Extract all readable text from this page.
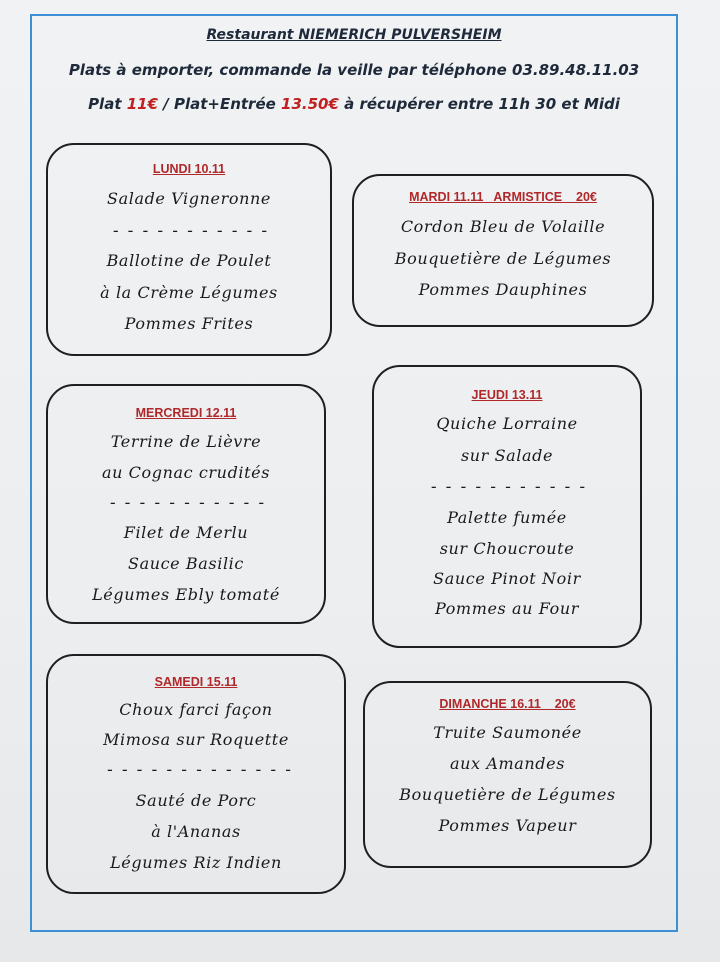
Restaurant NIEMERICH PULVERSHEIM
Plats à emporter, commande la veille par téléphone 03.89.48.11.03
Plat 11€ / Plat+Entrée 13.50€ à récupérer entre 11h 30 et Midi
LUNDI 10.11
Salade Vigneronne
- - - - - - - - - - -
Ballotine de Poulet
à la Crème Légumes
Pommes Frites
MARDI 11.11   ARMISTICE    20€
Cordon Bleu de Volaille
Bouquetière de Légumes
Pommes Dauphines
MERCREDI 12.11
Terrine de Lièvre
au Cognac crudités
- - - - - - - - - - -
Filet de Merlu
Sauce Basilic
Légumes Ebly tomaté
JEUDI 13.11
Quiche Lorraine
sur Salade
- - - - - - - - - - -
Palette fumée
sur Choucroute
Sauce Pinot Noir
Pommes au Four
SAMEDI 15.11
Choux farci façon
Mimosa sur Roquette
- - - - - - - - - - - - -
Sauté de Porc
à l'Ananas
Légumes Riz Indien
DIMANCHE 16.11    20€
Truite Saumonée
aux Amandes
Bouquetière de Légumes
Pommes Vapeur
